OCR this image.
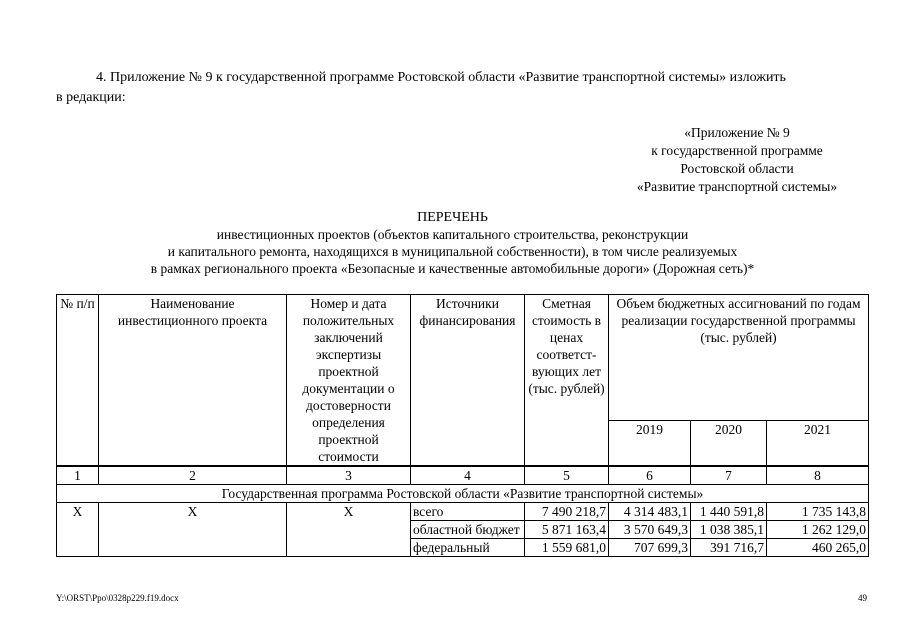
4. Приложение № 9 к государственной программе Ростовской области «Развитие транспортной системы» изложить
в редакции:
«Приложение № 9
к государственной программе
Ростовской области
«Развитие транспортной системы»
ПЕРЕЧЕНЬ
инвестиционных проектов (объектов капитального строительства, реконструкции
и капитального ремонта, находящихся в муниципальной собственности), в том числе реализуемых
в рамках регионального проекта «Безопасные и качественные автомобильные дороги» (Дорожная сеть)*
№ п/п	Наименование инвестиционного проекта	Номер и дата положительных заключений экспертизы проектной документации о достоверности определения проектной стоимости	Источники финансирования	Сметная стоимость в ценах соответст-вующих лет (тыс. рублей)	Объем бюджетных ассигнований по годам реализации государственной программы (тыс. рублей)		
					2019	2020	2021
1	2	3	4	5	6	7	8
Государственная программа Ростовской области «Развитие транспортной системы»							
Х	Х	Х	всего	7 490 218,7	4 314 483,1	1 440 591,8	1 735 143,8
			областной бюджет	5 871 163,4	3 570 649,3	1 038 385,1	1 262 129,0
			федеральный	1 559 681,0	707 699,3	391 716,7	460 265,0
Y:\ORST\Ppo\0328p229.f19.docx	49
